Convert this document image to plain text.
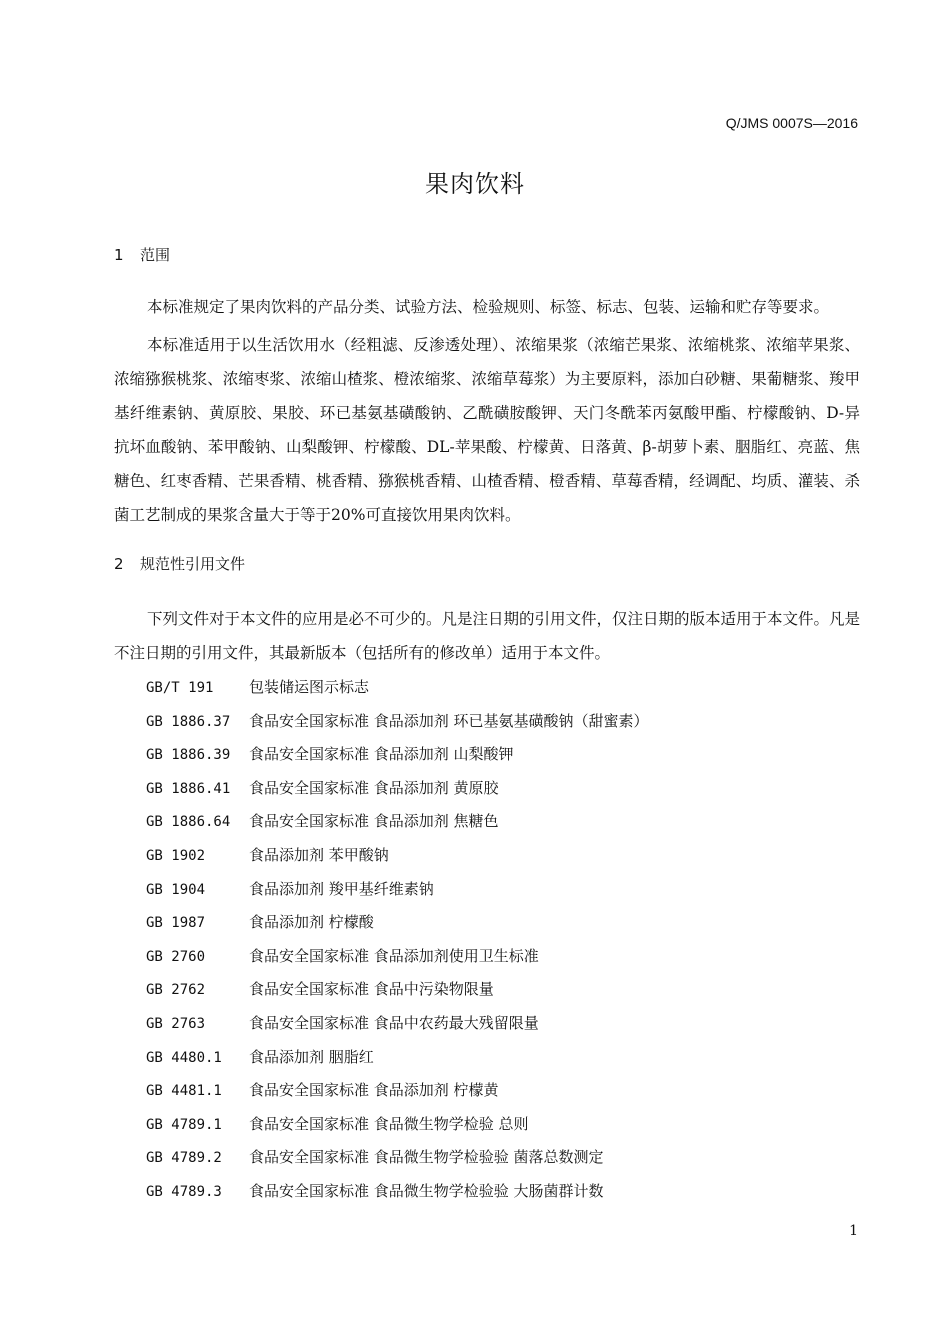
Q/JMS 0007S—2016
果肉饮料
1 范围
本标准规定了果肉饮料的产品分类、试验方法、检验规则、标签、标志、包装、运输和贮存等要求。
本标准适用于以生活饮用水（经粗滤、反渗透处理）、浓缩果浆（浓缩芒果浆、浓缩桃浆、浓缩苹果浆、浓缩猕猴桃浆、浓缩枣浆、浓缩山楂浆、橙浓缩浆、浓缩草莓浆）为主要原料，添加白砂糖、果葡糖浆、羧甲基纤维素钠、黄原胶、果胶、环已基氨基磺酸钠、乙酰磺胺酸钾、天门冬酰苯丙氨酸甲酯、柠檬酸钠、D-异抗坏血酸钠、苯甲酸钠、山梨酸钾、柠檬酸、DL-苹果酸、柠檬黄、日落黄、β-胡萝卜素、胭脂红、亮蓝、焦糖色、红枣香精、芒果香精、桃香精、猕猴桃香精、山楂香精、橙香精、草莓香精，经调配、均质、灌装、杀菌工艺制成的果浆含量大于等于20%可直接饮用果肉饮料。
2 规范性引用文件
下列文件对于本文件的应用是必不可少的。凡是注日期的引用文件，仅注日期的版本适用于本文件。凡是不注日期的引用文件，其最新版本（包括所有的修改单）适用于本文件。
GB/T 191 包装储运图示标志
GB 1886.37 食品安全国家标准 食品添加剂 环已基氨基磺酸钠（甜蜜素）
GB 1886.39 食品安全国家标准 食品添加剂 山梨酸钾
GB 1886.41 食品安全国家标准 食品添加剂 黄原胶
GB 1886.64 食品安全国家标准 食品添加剂 焦糖色
GB 1902	食品添加剂 苯甲酸钠
GB 1904	食品添加剂 羧甲基纤维素钠
GB 1987	食品添加剂 柠檬酸
GB 2760	食品安全国家标准 食品添加剂使用卫生标准
GB 2762	食品安全国家标准 食品中污染物限量
GB 2763	食品安全国家标准 食品中农药最大残留限量
GB 4480.1 食品添加剂 胭脂红
GB 4481.1 食品安全国家标准 食品添加剂 柠檬黄
GB 4789.1 食品安全国家标准 食品微生物学检验 总则
GB 4789.2 食品安全国家标准 食品微生物学检验验 菌落总数测定
GB 4789.3 食品安全国家标准 食品微生物学检验验 大肠菌群计数
1
